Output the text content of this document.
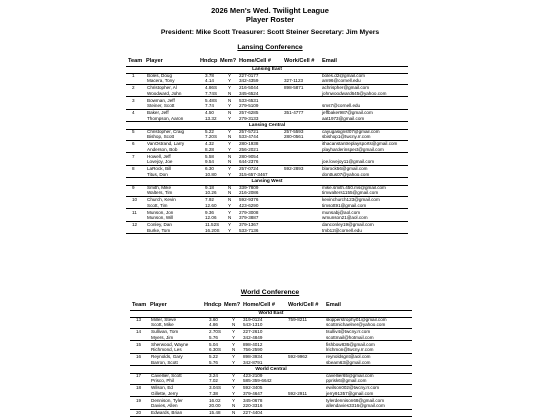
2026 Men's Wed. Twilight League
Player Roster
President: Mike Scott Treasurer: Scott Steiner Secretary: Jim Myers
Lansing Conference
Team Player	Hndcp Mem? Home/Cell # Work/Cell # Email
Lansing East
1	Boles, Doug	3.78	Y 227-0177	boles.d2@gmail.com
Macera, Tony	4.14	Y 342-4359	327-1123	am96@cornell.edu
2	Christopher, Al	4.86S Y 216-5044	898-5871	achrispher@gmail.com
Woodward, John	7.74S N 345-6524	johnwoodward645@yahoo.com
3	Bowman, Jeff	5.48S N 533-6531
Steiner, Scott	7.74	Y 279-5109	sms7@cornell.edu
4	Baker, Jeff	4.50	N 257-6285	351-4777	jeffbaker987@gmail.com
Thompson, Aaron	13.32	Y 279-3133	aat1973@gmail.com
Lansing Central
5	Christopher, Craig	5.22	Y 257-5721	257-5593	cayugasignsf07@gmail.com
Bishop, Scott	7.20S N 533-4744	280-0561	sbishop1@twcny.rr.com
6	VanOstrand, Larry	4.32	Y 280-1938	ithacanstantreplaysports@gmail.com
Anderson, Bob	8.28	Y 256-2021	playharderinspect@gmail.com
7	Howell, Jeff	5.58	N 280-9054
Lovejoy, Joe	9.54	N 644-2376	joe.lovejoy11@gmail.com
8	LaRock, Bill	6.30	Y 257-0724	592-2893	blarock56@gmail.com
Titus, Don	10.80	Y 315-657-3467	donttus07@yahoo.com
Lansing West
9	Smith, Mike	9.18	N 339-7809	mike.smith.450.ms@gmail.com
Walters, Tim	10.26	N 216-2086	timwalters1155@gmail.com
10 Church, Kevin	7.92	N 592-9376	kevinchurch123@gmail.com
Scott, Tim	12.60	Y 423-6290	timsott91@gmail.com
11 Munson, Jon	9.36	Y 279-3008	munsabj@aol.com
Munson, Will	12.06	N 379-3887	wmunson21@aol.com
12 Conley, Dan	11.52S Y 379-1367	danconley19@gmail.com
Burke, Tom	16.20S Y 533-7136	tmb12@cornell.edu
World Conference
Team Player	Hndcp Mem? Home/Cell # Work/Cell # Email
World East
13 Miller, Steve	3.60	Y 319-0124	759-8211	skipperstrophy01@gmail.com
Scott, Mike	4.86	N 543-1310	scottmichaelner@yahoo.com
14 Sullivan, Tom	2.70S Y 227-2610	tsulliv4@twcny.rr.com
Myers, Jim	5.76	Y 342-4849	scottmail@hotmail.com
15 Sherwood, Wayne	5.04	Y 898-4012	fishbow836@gmail.com
Richmond, Les	6.30S N 756-2590	lrichmon@twcny.rr.com
16 Reynolds, Gary	5.22	Y 898-3934	592-9962	reynoldsgnt@aol.com
Barron, Scott	5.76	Y 342-8791	sbeam63@gmail.com
World Central
17 Cavellier, Scott	3.24	Y 423-2109	cavellier65@gmail.com
Prisco, Phil	7.02	Y 585-359-6642	pprisk6@gmail.com
18 Wilson, Ed	3.04S Y 592-3405	ewilson002@twcny.rr.com
Gillette, Jerry	7.38	Y 379-4647	592-2911	jerry91357@gmail.com
19 Dennison, Tyler	16.02	Y 345-0678	tylerdennison68@gmail.com
Davies, Allen	20.00	N 220-3316	allendavies3316@gmail.com
20 Edwards, Brian	15.48	N 227-4404
